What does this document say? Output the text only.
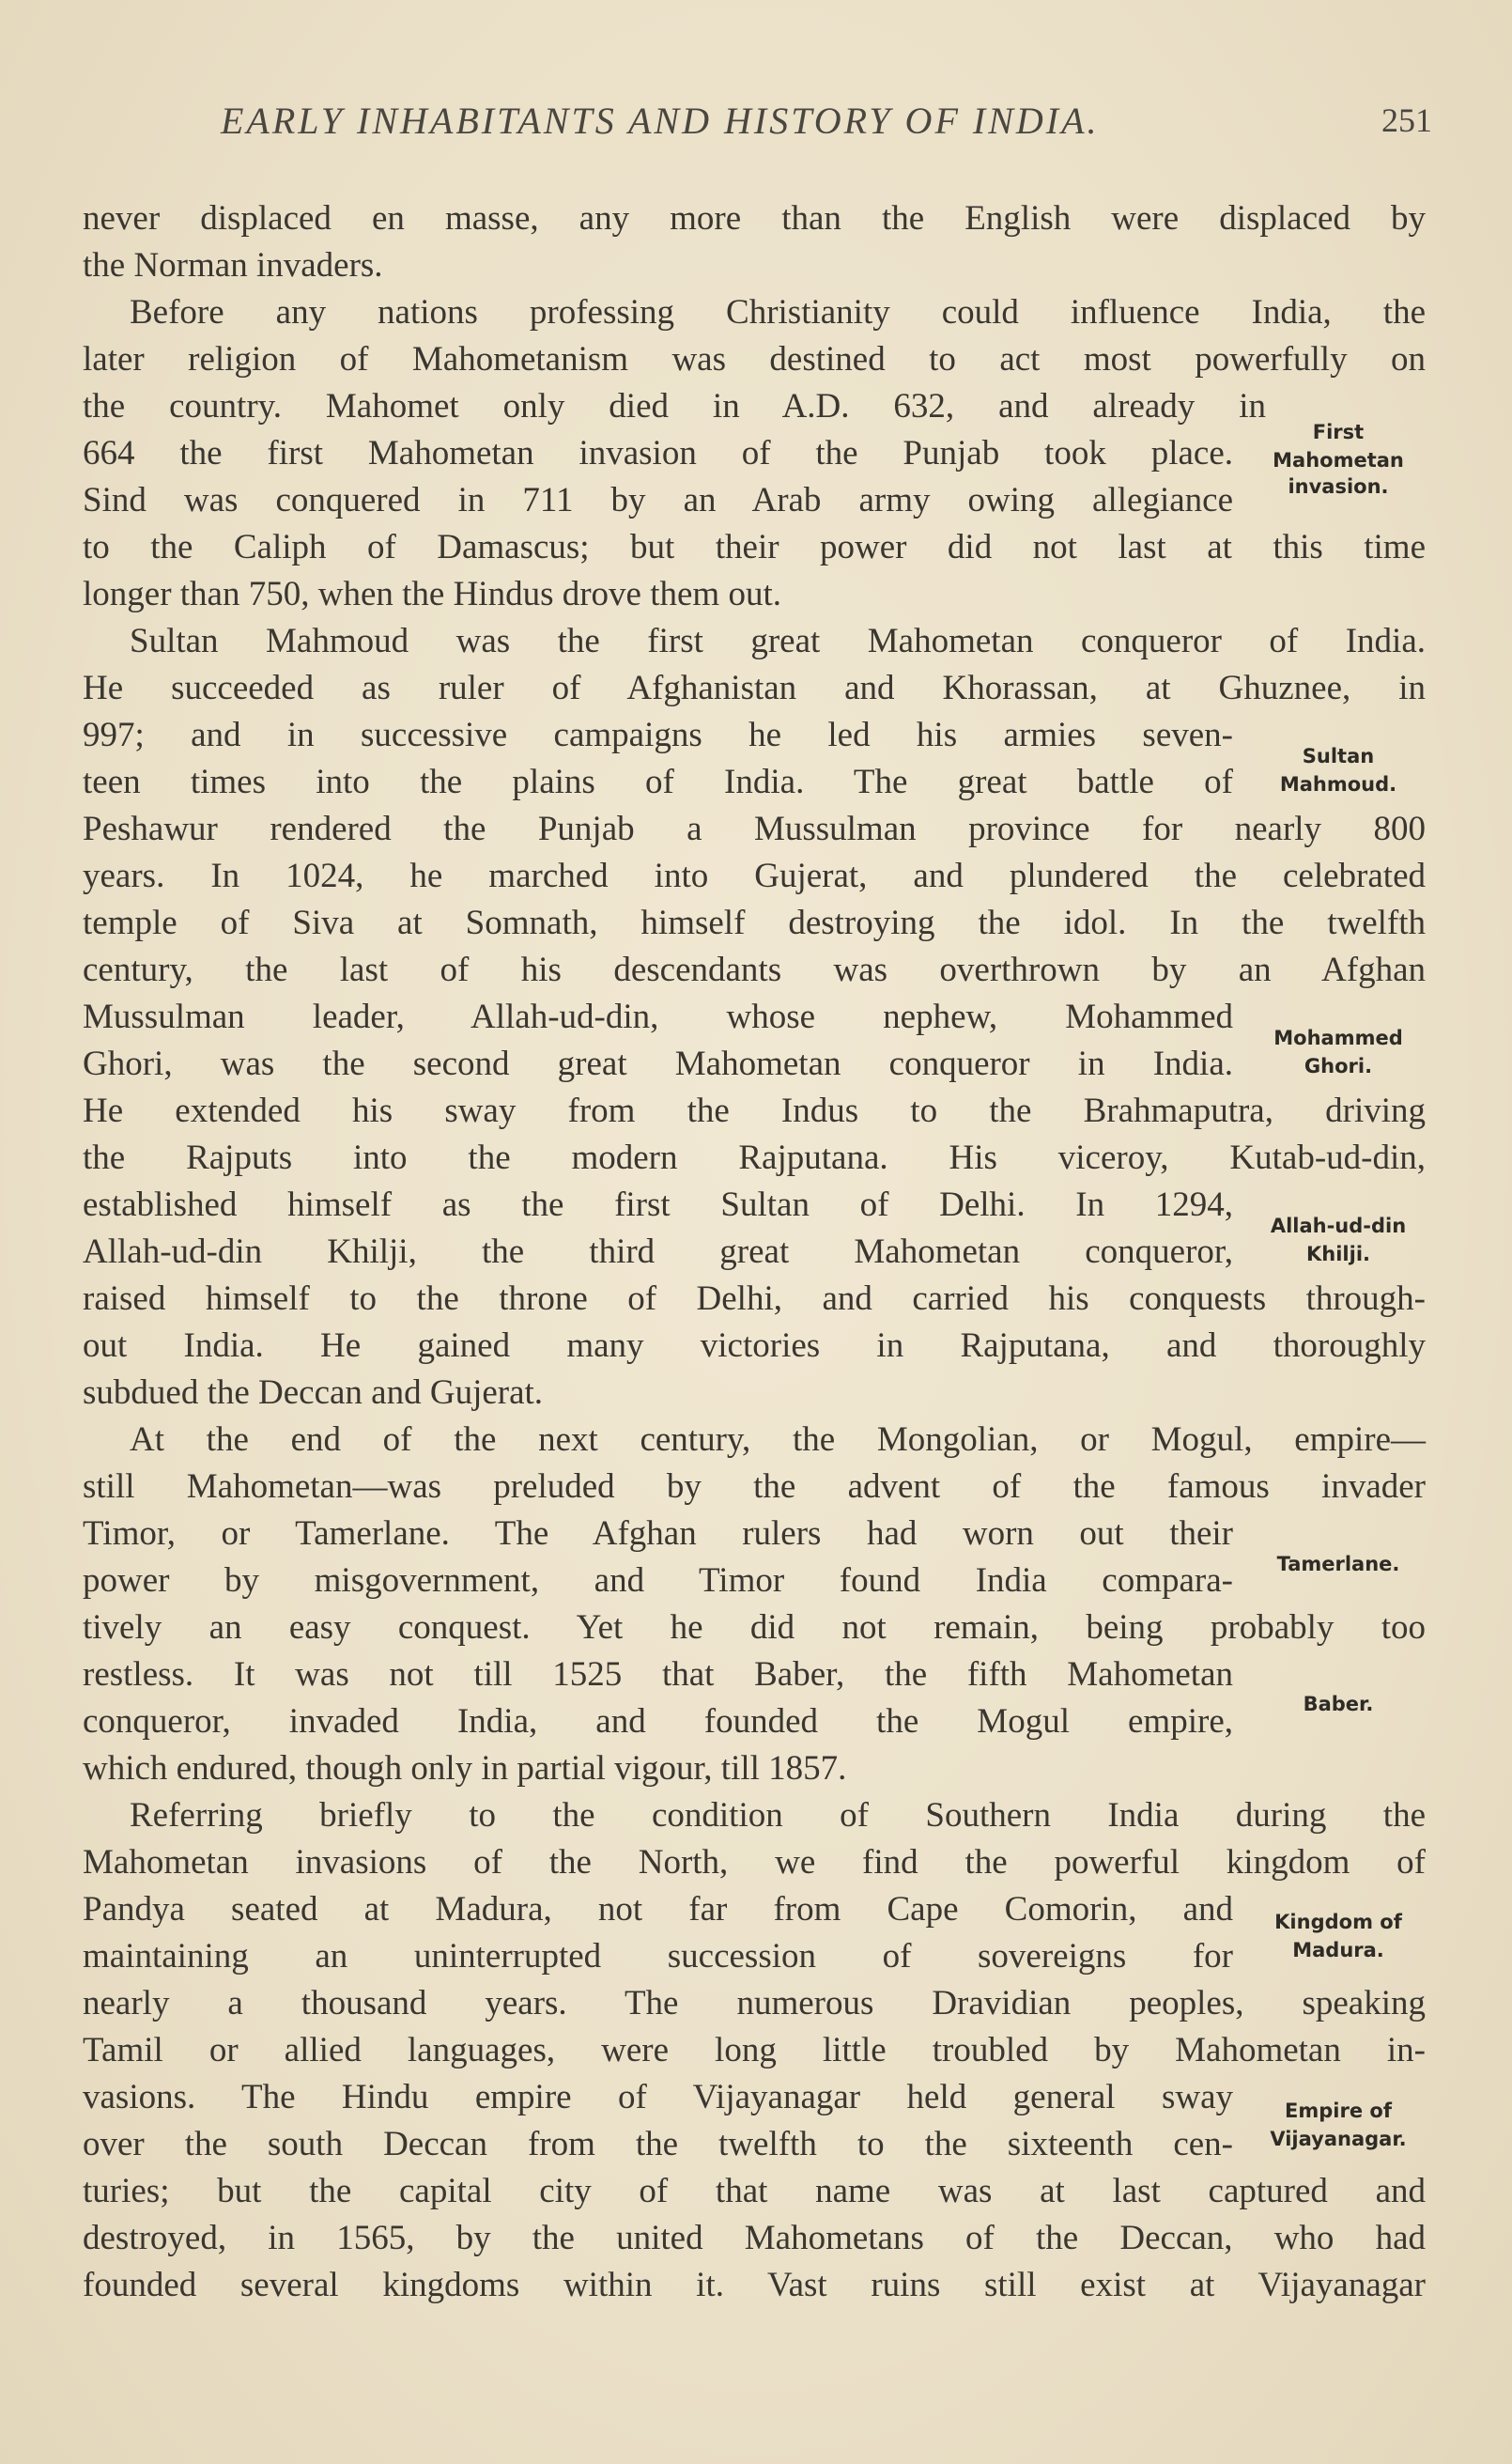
EARLY INHABITANTS AND HISTORY OF INDIA.	251
never displaced en masse, any more than the English were displaced by
the Norman invaders.
Before any nations professing Christianity could influence India, the
later religion of Mahometanism was destined to act most powerfully on
the country. Mahomet only died in A.D. 632, and already in
664 the first Mahometan invasion of the Punjab took place.
Sind was conquered in 711 by an Arab army owing allegiance
to the Caliph of Damascus; but their power did not last at this time
longer than 750, when the Hindus drove them out.
Sultan Mahmoud was the first great Mahometan conqueror of India.
He succeeded as ruler of Afghanistan and Khorassan, at Ghuznee, in
997; and in successive campaigns he led his armies seven-
teen times into the plains of India. The great battle of
Peshawur rendered the Punjab a Mussulman province for nearly 800
years. In 1024, he marched into Gujerat, and plundered the celebrated
temple of Siva at Somnath, himself destroying the idol. In the twelfth
century, the last of his descendants was overthrown by an Afghan
Mussulman leader, Allah-ud-din, whose nephew, Mohammed
Ghori, was the second great Mahometan conqueror in India.
He extended his sway from the Indus to the Brahmaputra, driving
the Rajputs into the modern Rajputana. His viceroy, Kutab-ud-din,
established himself as the first Sultan of Delhi. In 1294,
Allah-ud-din Khilji, the third great Mahometan conqueror,
raised himself to the throne of Delhi, and carried his conquests through-
out India. He gained many victories in Rajputana, and thoroughly
subdued the Deccan and Gujerat.
At the end of the next century, the Mongolian, or Mogul, empire—
still Mahometan—was preluded by the advent of the famous invader
Timor, or Tamerlane. The Afghan rulers had worn out their
power by misgovernment, and Timor found India compara-
tively an easy conquest. Yet he did not remain, being probably too
restless. It was not till 1525 that Baber, the fifth Mahometan
conqueror, invaded India, and founded the Mogul empire,
which endured, though only in partial vigour, till 1857.
Referring briefly to the condition of Southern India during the
Mahometan invasions of the North, we find the powerful kingdom of
Pandya seated at Madura, not far from Cape Comorin, and
maintaining an uninterrupted succession of sovereigns for
nearly a thousand years. The numerous Dravidian peoples, speaking
Tamil or allied languages, were long little troubled by Mahometan in-
vasions. The Hindu empire of Vijayanagar held general sway
over the south Deccan from the twelfth to the sixteenth cen-
turies; but the capital city of that name was at last captured and
destroyed, in 1565, by the united Mahometans of the Deccan, who had
founded several kingdoms within it. Vast ruins still exist at Vijayanagar
First
Mahometan
invasion.
Sultan
Mahmoud.
Mohammed
Ghori.
Allah-ud-din
Khilji.
Tamerlane.
Baber.
Kingdom of
Madura.
Empire of
Vijayanagar.
